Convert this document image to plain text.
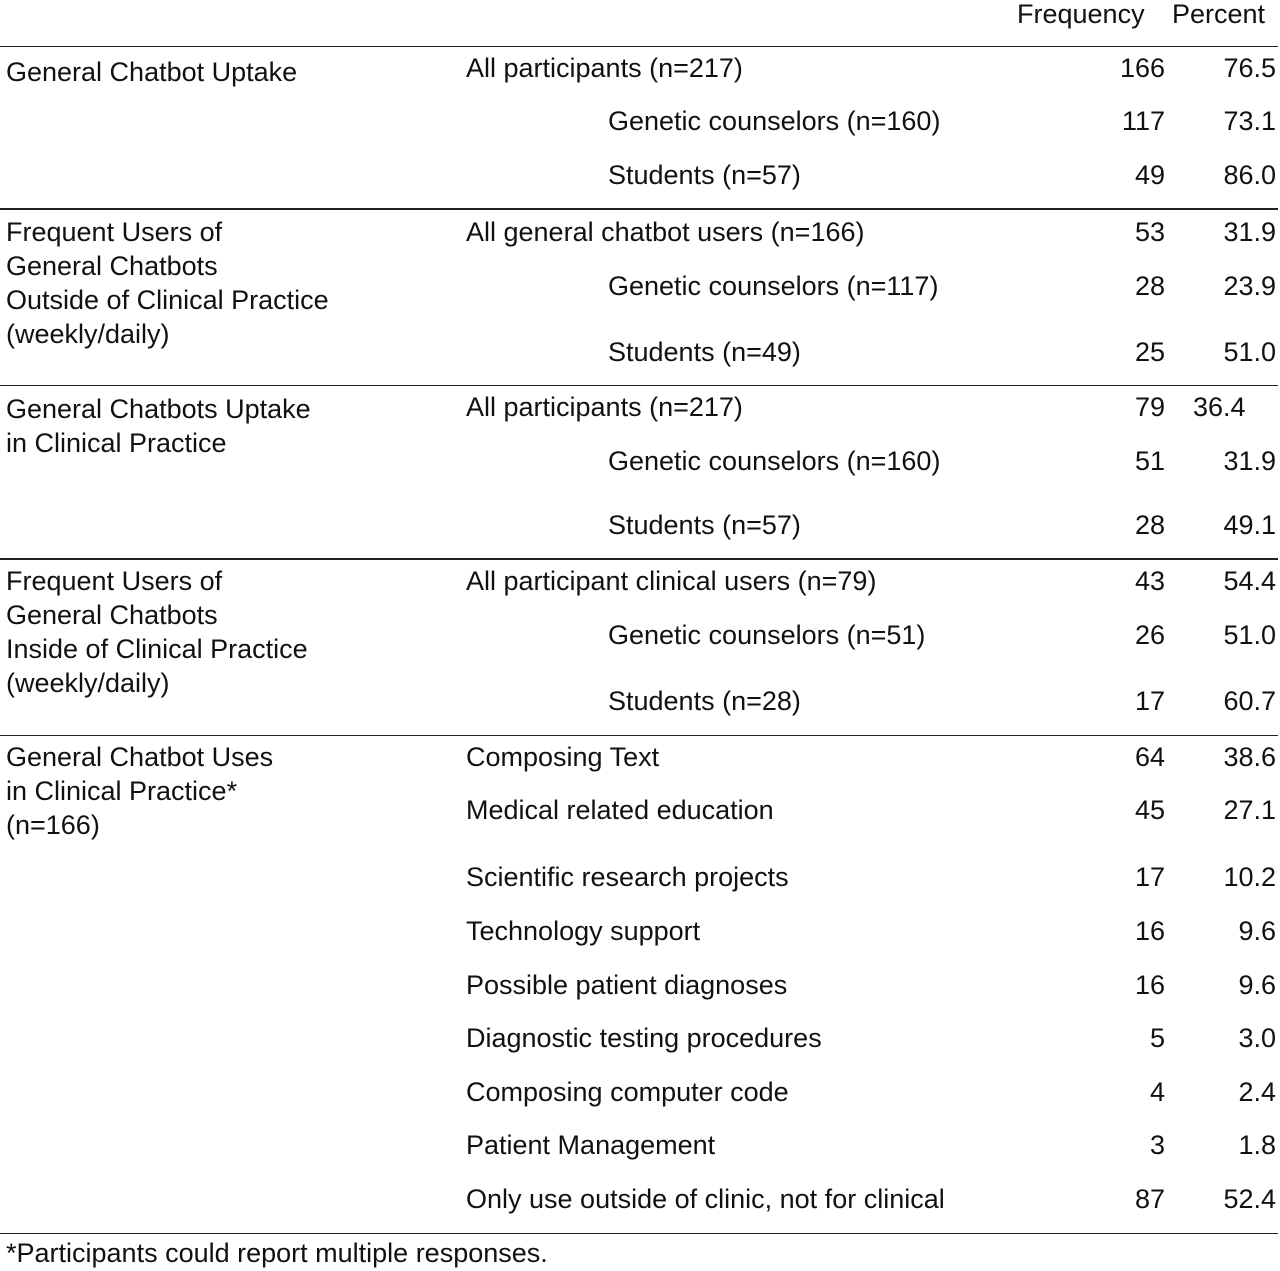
Frequency Percent
General Chatbot Uptake	All participants (n=217)	166 76.5
Genetic counselors (n=160)	117 73.1
Students (n=57)	49 86.0
Frequent Users of
General Chatbots
Outside of Clinical Practice
(weekly/daily)
All general chatbot users (n=166)	53 31.9
Genetic counselors (n=117)	28 23.9
Students (n=49)	25 51.0
General Chatbots Uptake
in Clinical Practice
All participants (n=217)	79 36.4
Genetic counselors (n=160)	51 31.9
Students (n=57)	28 49.1
Frequent Users of
General Chatbots
Inside of Clinical Practice
(weekly/daily)
All participant clinical users (n=79)	43 54.4
Genetic counselors (n=51)	26 51.0
Students (n=28)	17 60.7
General Chatbot Uses
in Clinical Practice*
(n=166)
Composing Text	64 38.6
Medical related education	45 27.1
Scientific research projects	17 10.2
Technology support	16	9.6
Possible patient diagnoses	16	9.6
Diagnostic testing procedures	5	3.0
Composing computer code	4	2.4
Patient Management	3	1.8
Only use outside of clinic, not for clinical	87 52.4
*Participants could report multiple responses.
